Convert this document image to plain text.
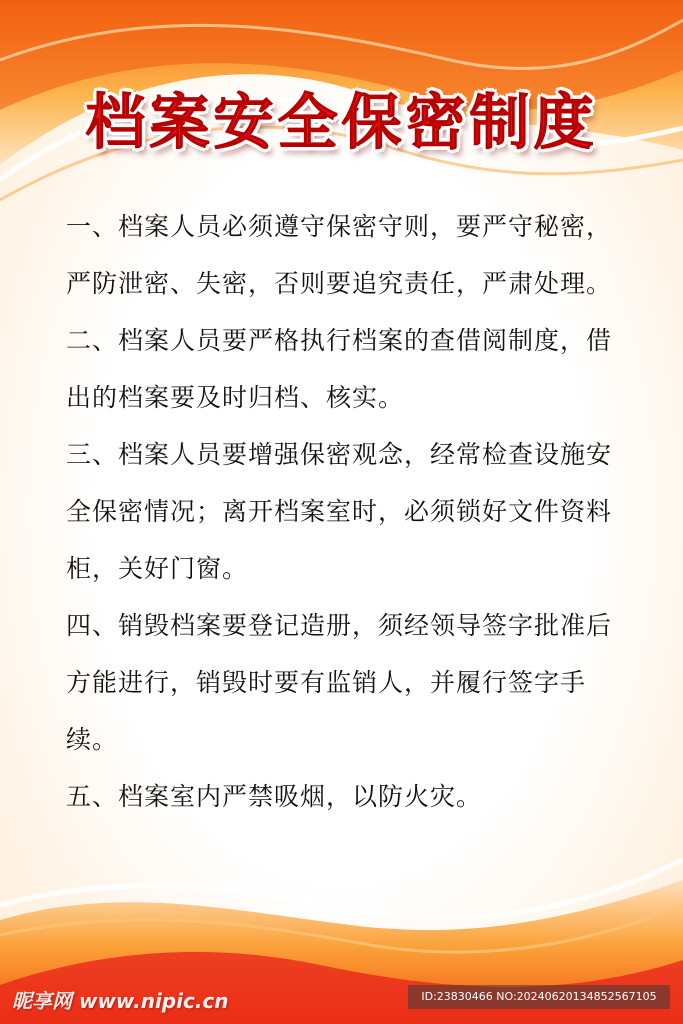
档案安全保密制度

一、档案人员必须遵守保密守则，要严守秘密，严防泄密、失密，否则要追究责任，严肃处理。

二、档案人员要严格执行档案的查借阅制度，借出的档案要及时归档、核实。

三、档案人员要增强保密观念，经常检查设施安全保密情况；离开档案室时，必须锁好文件资料柜，关好门窗。

四、销毁档案要登记造册，须经领导签字批准后方能进行，销毁时要有监销人，并履行签字手续。

五、档案室内严禁吸烟，以防火灾。

昵享网 www.nipic.cn	ID:23830466 NO:20240620134852567105
